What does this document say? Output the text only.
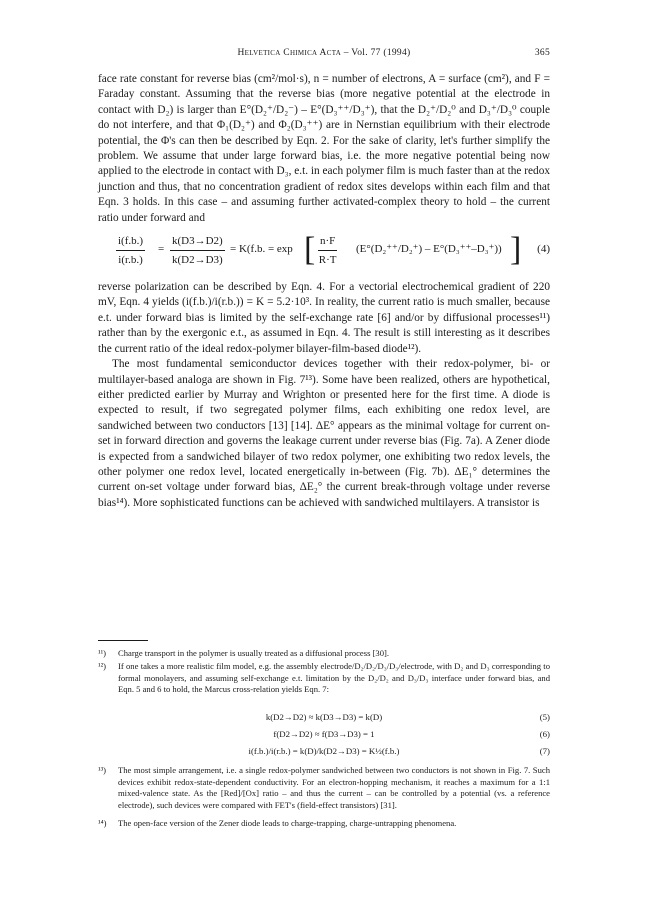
Helvetica Chimica Acta – Vol. 77 (1994)	365

face rate constant for reverse bias (cm²/mol·s), n = number of electrons, A = surface (cm²), and F = Faraday constant. Assuming that the reverse bias (more negative potential at the electrode in contact with D₂) is larger than E°(D₂⁺/D₂⁻) – E°(D₃⁺⁺/D₃⁺), that the D₂⁺/D₂⁰ and D₃⁺/D₃⁰ couple do not interfere, and that Φ₁(D₂⁺) and Φ₂(D₃⁺⁺) are in Nernstian equilibrium with their electrode potential, the Φ's can then be described by Eqn. 2. For the sake of clarity, let's further simplify the problem. We assume that under large forward bias, i.e. the more negative potential being now applied to the electrode in contact with D₃, e.t. in each polymer film is much faster than at the redox junction and thus, that no concentration gradient of redox sites develops within each film and that Eqn. 3 holds. In this case – and assuming further activated-complex theory to hold – the current ratio under forward and

$\frac{i(f.b.)}{i(r.b.)} = \frac{k(D3\to D2)}{k(D2\to D3)} = K(f.b$. = exp [ $\frac{n\cdot F}{R\cdot T} (E^\circ(D_2^{++}/D_2^+) - E^\circ(D_3^{++}-D_3^+))$ ] (4)

reverse polarization can be described by Eqn. 4. For a vectorial electrochemical gradient of 220 mV, Eqn. 4 yields (i(f.b.)/i(r.b.)) = K = 5.2·10³. In reality, the current ratio is much smaller, because e.t. under forward bias is limited by the self-exchange rate [6] and/or by diffusional processes¹¹) rather than by the exergonic e.t., as assumed in Eqn. 4. The result is still interesting as it describes the current ratio of the ideal redox-polymer bilayer-film-based diode¹²).

The most fundamental semiconductor devices together with their redox-polymer, bi- or multilayer-based analoga are shown in Fig. 7¹³). Some have been realized, others are hypothetical, either predicted earlier by Murray and Wrighton or presented here for the first time. A diode is expected to result, if two segregated polymer films, each exhibiting one redox level, are sandwiched between two conductors [13] [14]. ΔE° appears as the minimal voltage for current on-set in forward direction and governs the leakage current under reverse bias (Fig. 7a). A Zener diode is expected from a sandwiched bilayer of two redox polymer, one exhibiting two redox levels, the other polymer one redox level, located energetically in-between (Fig. 7b). ΔE₁° determines the current on-set voltage under forward bias, ΔE₂° the current break-through voltage under reverse bias¹⁴). More sophisticated functions can be achieved with sandwiched multilayers. A transistor is

¹¹) Charge transport in the polymer is usually treated as a diffusional process [30].
¹²) If one takes a more realistic film model, e.g. the assembly electrode/D₂/D₂/D₃/D₃/electrode, with D₂ and D₃ corresponding to formal monolayers, and assuming self-exchange e.t. limitation by the D₂/D₂ and D₃/D₃ interface under forward bias, and Eqn. 5 and 6 to hold, the Marcus cross-relation yields Eqn. 7:
k(D2→D2) ≈ k(D3→D3) = k(D)	(5)
f(D2→D2) ≈ f(D3→D3) = 1	(6)
i(f.b.)/i(r.b.) = k(D)/k(D2→D3) = K½(f.b.)	(7)
¹³) The most simple arrangement, i.e. a single redox-polymer sandwiched between two conductors is not shown in Fig. 7. Such devices exhibit redox-state-dependent conductivity. For an electron-hopping mechanism, it reaches a maximum for a 1:1 mixed-valence state. As the [Red]/[Ox] ratio – and thus the current – can be controlled by a potential (vs. a reference electrode), such devices were compared with FET's (field-effect transistors) [31].
¹⁴) The open-face version of the Zener diode leads to charge-trapping, charge-untrapping phenomena.
